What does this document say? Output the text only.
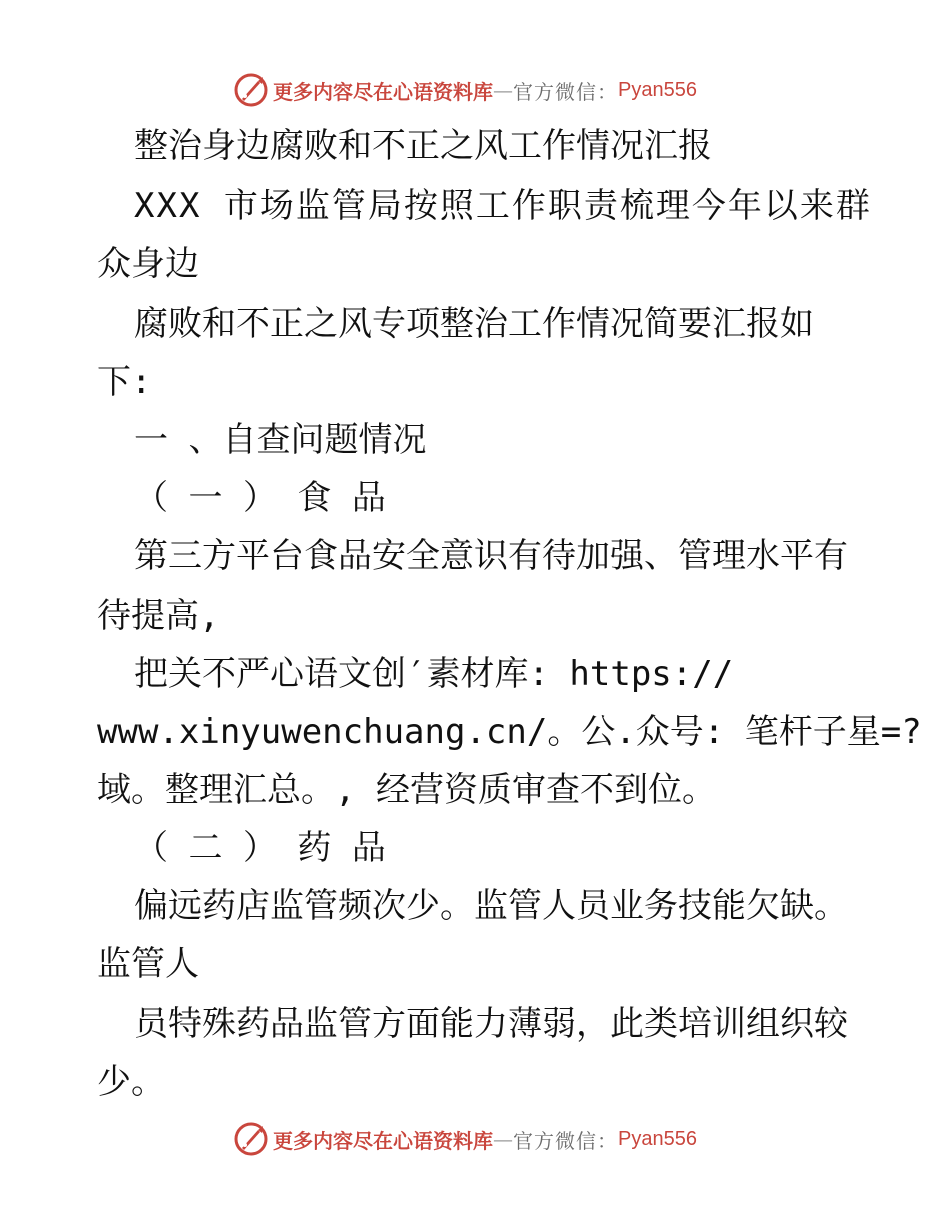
更多内容尽在心语资料库 — 官方微信： Pyan556
整治身边腐败和不正之风工作情况汇报
XXX 市场监管局按照工作职责梳理今年以来群
众身边
腐败和不正之风专项整治工作情况简要汇报如
下:
一 、自查问题情况
（ 一 ） 食 品
第三方平台食品安全意识有待加强、管理水平有
待提高,
把关不严心语文创′素材库: https://
www.xinyuwenchuang.cn/。公.众号: 笔杆子星=?
域。整理汇总。, 经营资质审查不到位。
（ 二 ） 药 品
偏远药店监管频次少。监管人员业务技能欠缺。
监管人
员特殊药品监管方面能力薄弱，此类培训组织较
少。
更多内容尽在心语资料库 — 官方微信： Pyan556
